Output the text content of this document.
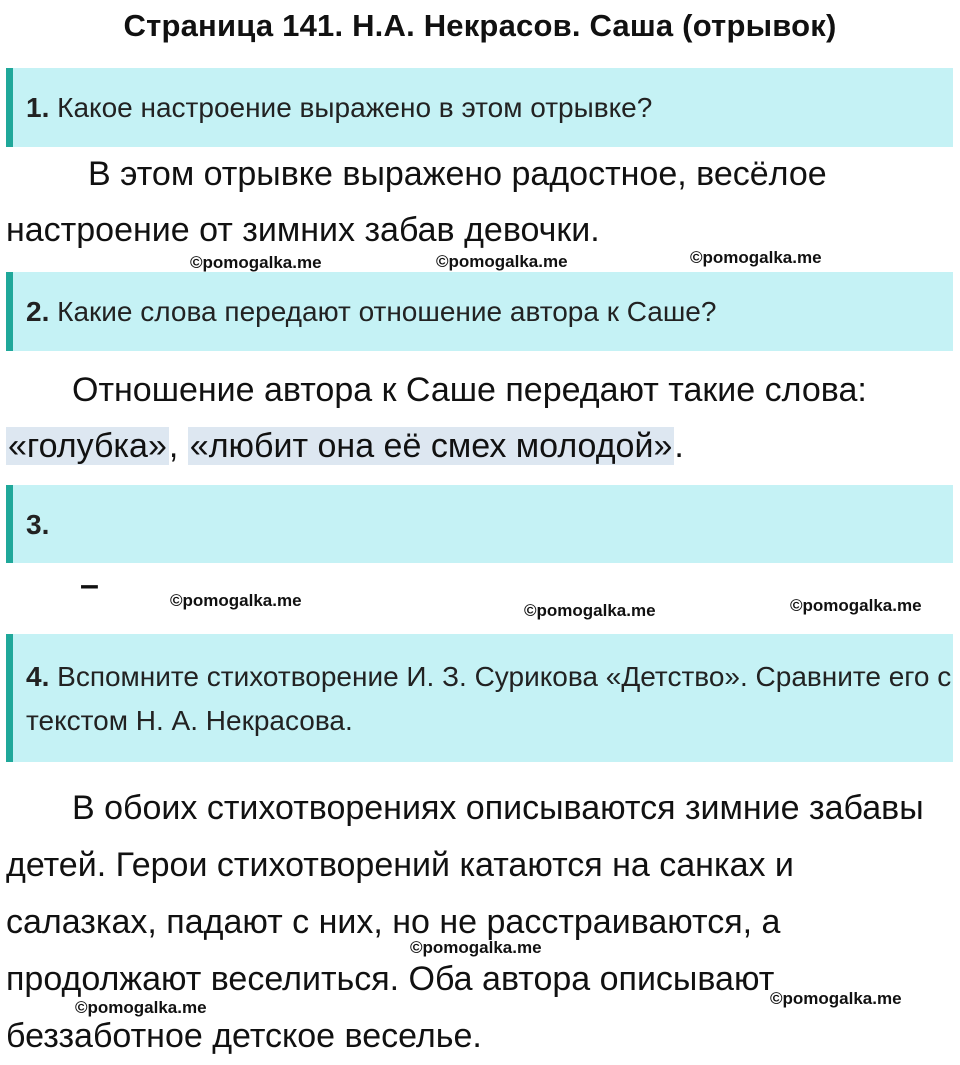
Страница 141. Н.А. Некрасов. Саша (отрывок)
1. Какое настроение выражено в этом отрывке?
В этом отрывке выражено радостное, весёлое настроение от зимних забав девочки.
©pomogalka.me	©pomogalka.me	©pomogalka.me
2. Какие слова передают отношение автора к Саше?
Отношение автора к Саше передают такие слова: «голубка», «любит она её смех молодой».
3.
–	©pomogalka.me
©pomogalka.me	©pomogalka.me
4. Вспомните стихотворение И. З. Сурикова «Детство». Сравните его с текстом Н. А. Некрасова.
В обоих стихотворениях описываются зимние забавы детей. Герои стихотворений катаются на санках и салазках, падают с них, но не расстраиваются, а продолжают веселиться. Оба автора описывают беззаботное детское веселье.
©pomogalka.me
©pomogalka.me	©pomogalka.me
